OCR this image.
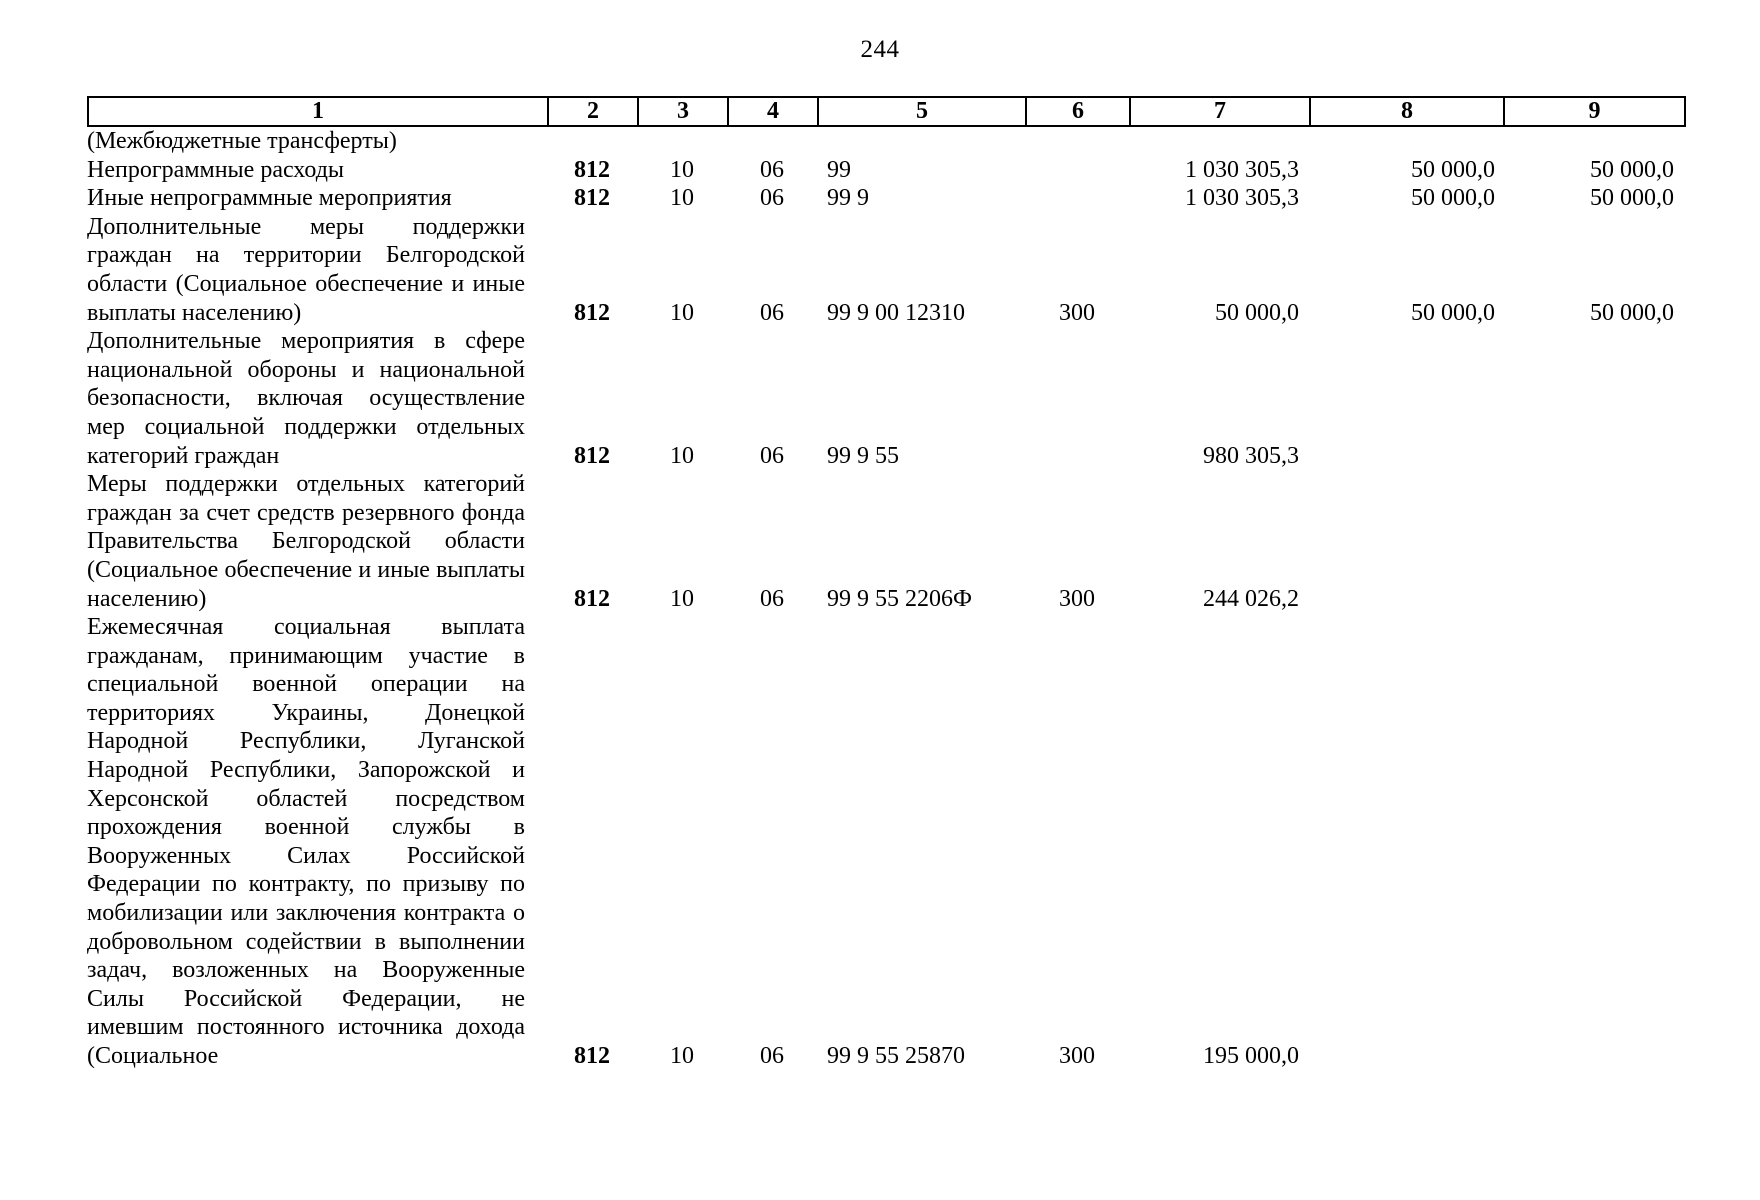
244
1	2	3	4	5	6	7	8	9
(Межбюджетные трансферты)								
Непрограммные расходы	812	10	06	99		1 030 305,3	50 000,0	50 000,0
Иные непрограммные мероприятия	812	10	06	99 9		1 030 305,3	50 000,0	50 000,0
Дополнительные меры поддержки граждан на территории Белгородской области (Социальное обеспечение и иные выплаты населению)	812	10	06	99 9 00 12310	300	50 000,0	50 000,0	50 000,0
Дополнительные мероприятия в сфере национальной обороны и национальной безопасности, включая осуществление мер социальной поддержки отдельных категорий граждан	812	10	06	99 9 55		980 305,3		
Меры поддержки отдельных категорий граждан за счет средств резервного фонда Правительства Белгородской области (Социальное обеспечение и иные выплаты населению)	812	10	06	99 9 55 2206Ф	300	244 026,2		
Ежемесячная социальная выплата гражданам, принимающим участие в специальной военной операции на территориях Украины, Донецкой Народной Республики, Луганской Народной Республики, Запорожской и Херсонской областей посредством прохождения военной службы в Вооруженных Силах Российской Федерации по контракту, по призыву по мобилизации или заключения контракта о добровольном содействии в выполнении задач, возложенных на Вооруженные Силы Российской Федерации, не имевшим постоянного источника дохода (Социальное	812	10	06	99 9 55 25870	300	195 000,0		
